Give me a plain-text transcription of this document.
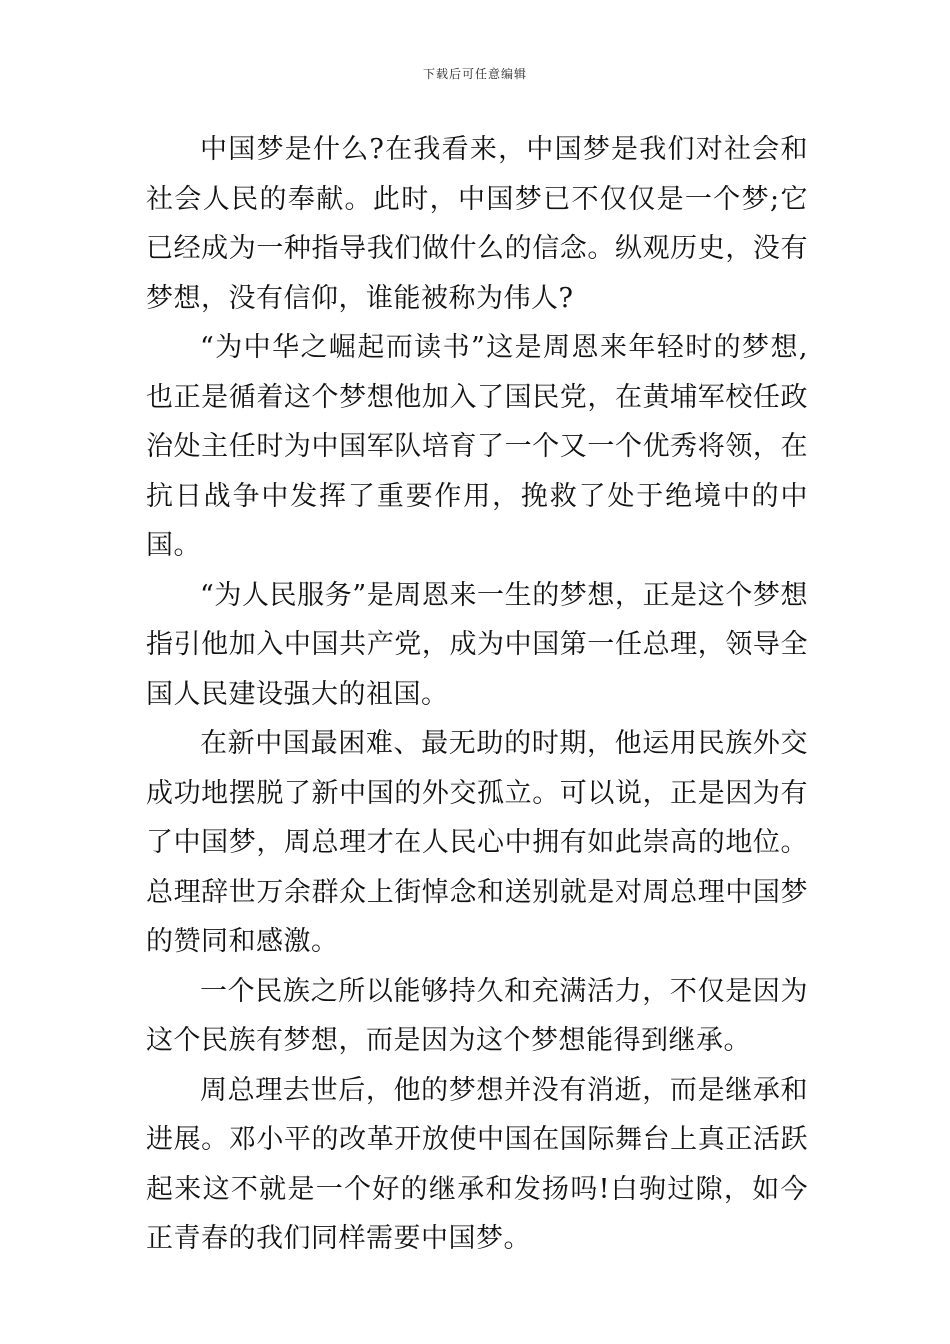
下载后可任意编辑

中国梦是什么?在我看来，中国梦是我们对社会和社会人民的奉献。此时，中国梦已不仅仅是一个梦;它已经成为一种指导我们做什么的信念。纵观历史，没有梦想，没有信仰，谁能被称为伟人?

“为中华之崛起而读书”这是周恩来年轻时的梦想,也正是循着这个梦想他加入了国民党，在黄埔军校任政治处主任时为中国军队培育了一个又一个优秀将领，在抗日战争中发挥了重要作用，挽救了处于绝境中的中国。

“为人民服务”是周恩来一生的梦想，正是这个梦想指引他加入中国共产党，成为中国第一任总理，领导全国人民建设强大的祖国。

在新中国最困难、最无助的时期，他运用民族外交成功地摆脱了新中国的外交孤立。可以说，正是因为有了中国梦，周总理才在人民心中拥有如此崇高的地位。总理辞世万余群众上街悼念和送别就是对周总理中国梦的赞同和感激。

一个民族之所以能够持久和充满活力，不仅是因为这个民族有梦想，而是因为这个梦想能得到继承。

周总理去世后，他的梦想并没有消逝，而是继承和进展。邓小平的改革开放使中国在国际舞台上真正活跃起来这不就是一个好的继承和发扬吗!白驹过隙，如今正青春的我们同样需要中国梦。
